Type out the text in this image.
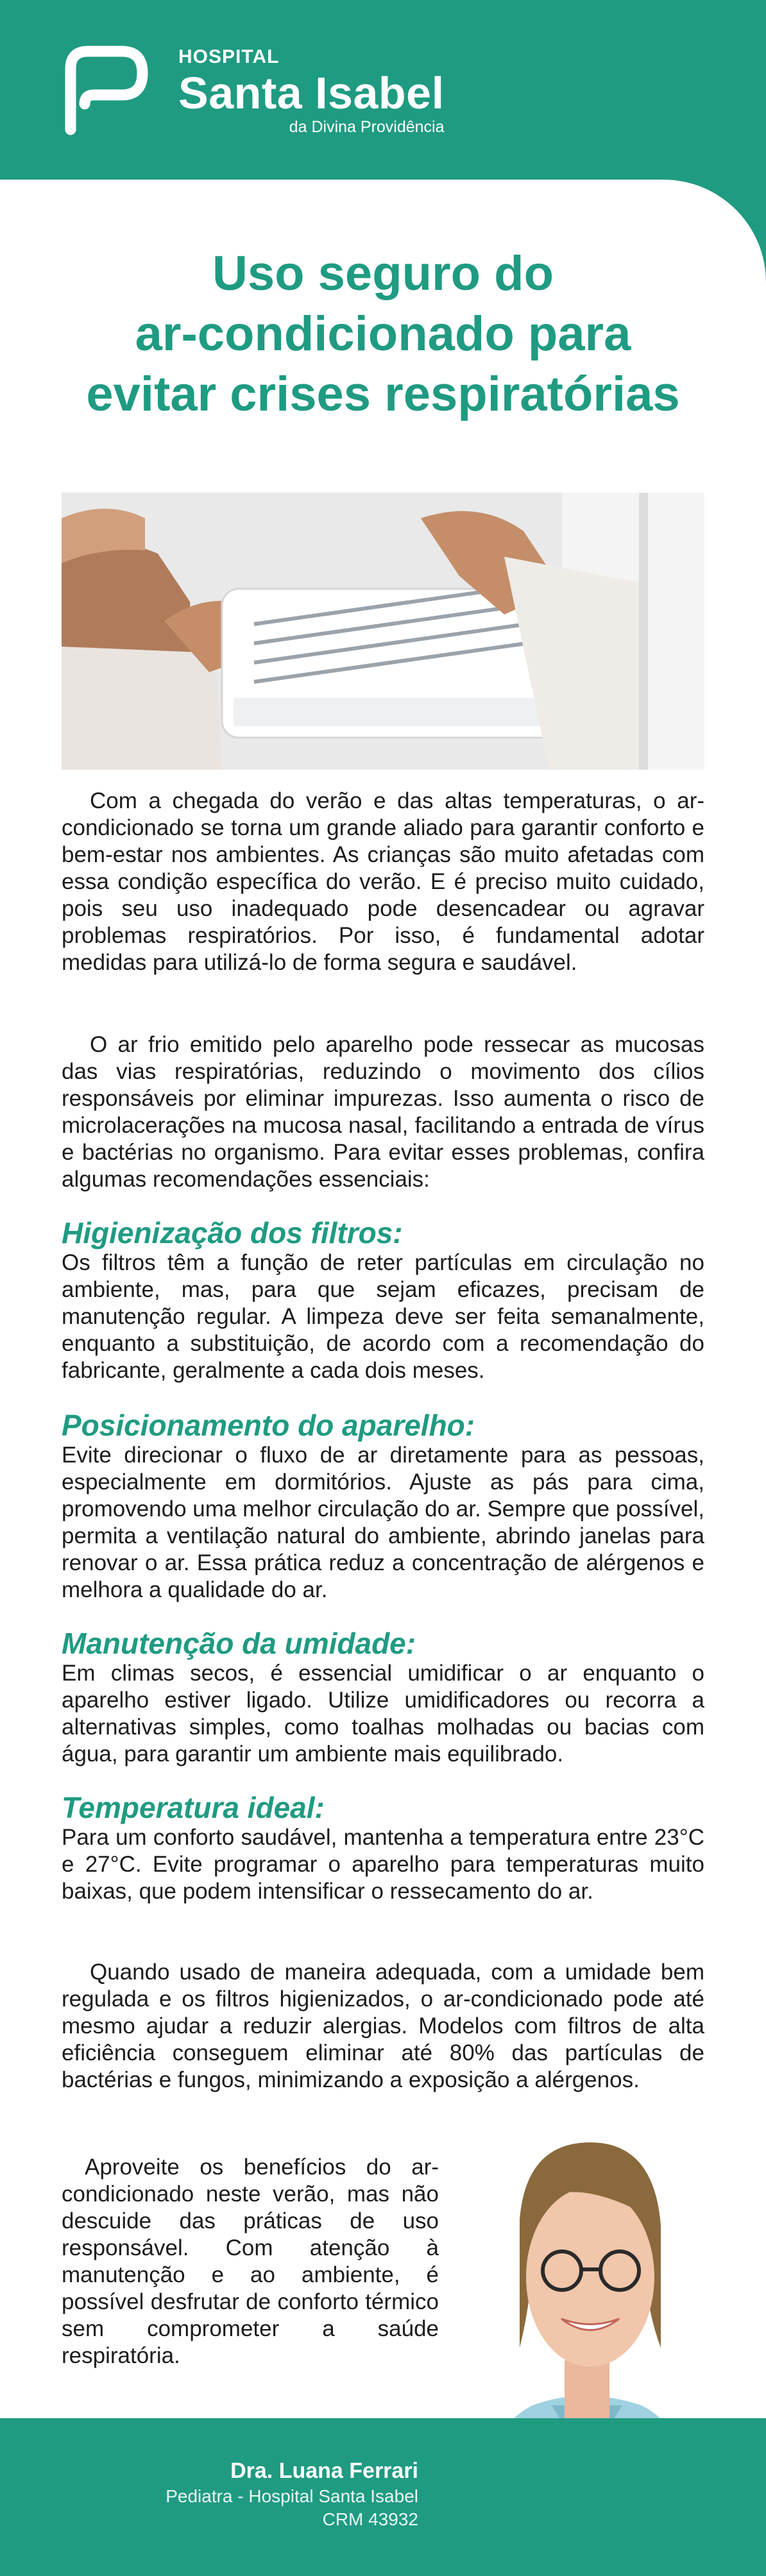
HOSPITAL
Santa Isabel
da Divina Providência
Uso seguro do
ar-condicionado para
evitar crises respiratórias

Com a chegada do verão e das altas temperaturas, o ar-condicionado se torna um grande aliado para garantir conforto e bem-estar nos ambientes. As crianças são muito afetadas com essa condição específica do verão. E é preciso muito cuidado, pois seu uso inadequado pode desencadear ou agravar problemas respiratórios. Por isso, é fundamental adotar medidas para utilizá-lo de forma segura e saudável.

O ar frio emitido pelo aparelho pode ressecar as mucosas das vias respiratórias, reduzindo o movimento dos cílios responsáveis por eliminar impurezas. Isso aumenta o risco de microlacerações na mucosa nasal, facilitando a entrada de vírus e bactérias no organismo. Para evitar esses problemas, confira algumas recomendações essenciais:

Higienização dos filtros:

Os filtros têm a função de reter partículas em circulação no ambiente, mas, para que sejam eficazes, precisam de manutenção regular. A limpeza deve ser feita semanalmente, enquanto a substituição, de acordo com a recomendação do fabricante, geralmente a cada dois meses.

Posicionamento do aparelho:

Evite direcionar o fluxo de ar diretamente para as pessoas, especialmente em dormitórios. Ajuste as pás para cima, promovendo uma melhor circulação do ar. Sempre que possível, permita a ventilação natural do ambiente, abrindo janelas para renovar o ar. Essa prática reduz a concentração de alérgenos e melhora a qualidade do ar.

Manutenção da umidade:

Em climas secos, é essencial umidificar o ar enquanto o aparelho estiver ligado. Utilize umidificadores ou recorra a alternativas simples, como toalhas molhadas ou bacias com água, para garantir um ambiente mais equilibrado.

Temperatura ideal:

Para um conforto saudável, mantenha a temperatura entre 23°C e 27°C. Evite programar o aparelho para temperaturas muito baixas, que podem intensificar o ressecamento do ar.

Quando usado de maneira adequada, com a umidade bem regulada e os filtros higienizados, o ar-condicionado pode até mesmo ajudar a reduzir alergias. Modelos com filtros de alta eficiência conseguem eliminar até 80% das partículas de bactérias e fungos, minimizando a exposição a alérgenos.

Aproveite os benefícios do ar-condicionado neste verão, mas não descuide das práticas de uso responsável. Com atenção à manutenção e ao ambiente, é possível desfrutar de conforto térmico sem comprometer a saúde respiratória.

Dra. Luana Ferrari
Pediatra - Hospital Santa Isabel
CRM 43932
